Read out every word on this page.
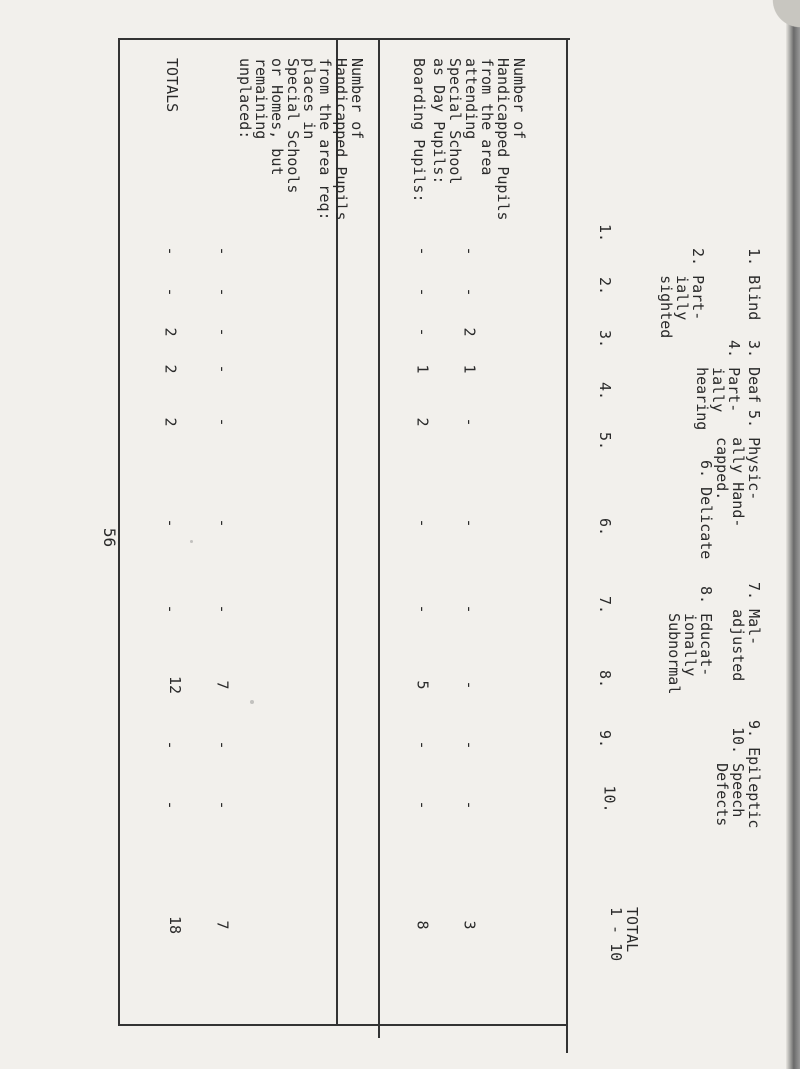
1. Blind
2. Part-
ially
sighted
3. Deaf
4. Part-
ially
hearing	5. Physic-
ally Hand-
capped.
6. Delicate
7. Mal-
adjusted
8. Educat-
ionally
Subnormal
9. Epileptic
10. Speech
Defects
TOTAL
1 - 10
1.
2.
3.
4.
5.
6.
7.
8.
9.
10.
Number of
Handicapped Pupils
from the area
attending
Special School
as Day Pupils:
Boarding Pupils:
Number of
Handicapped Pupils
from the area req:
places in
Special Schools
or Homes, but
remaining
unplaced:
TOTALS
-
-
2
1
-
-
-
-
-
-
3
-
-
-
1
2
-
-
5
-
-
8
-
-
-
-
-
-
-
7
-
-
7
-
-
2
2
2
-
-
12
-
-
18
56
